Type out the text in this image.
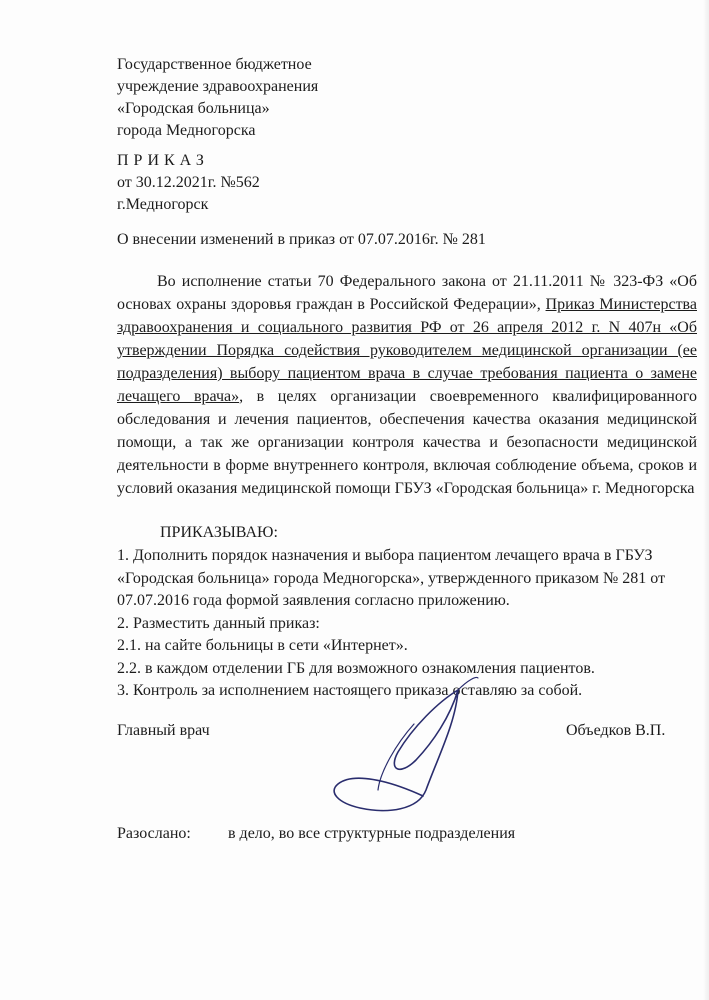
Государственное бюджетное
учреждение здравоохранения
«Городская больница»
города Медногорска
ПРИКАЗ
от 30.12.2021г. №562
г.Медногорск
О внесении изменений в приказ от 07.07.2016г. № 281
Во исполнение статьи 70 Федерального закона от 21.11.2011 № 323-ФЗ «Об основах охраны здоровья граждан в Российской Федерации», Приказ Министерства здравоохранения и социального развития РФ от 26 апреля 2012 г. N 407н «Об утверждении Порядка содействия руководителем медицинской организации (ее подразделения) выбору пациентом врача в случае требования пациента о замене лечащего врача», в целях организации своевременного квалифицированного обследования и лечения пациентов, обеспечения качества оказания медицинской помощи, а так же организации контроля качества и безопасности медицинской деятельности в форме внутреннего контроля, включая соблюдение объема, сроков и условий оказания медицинской помощи ГБУЗ «Городская больница» г. Медногорска
ПРИКАЗЫВАЮ:
1. Дополнить порядок назначения и выбора пациентом лечащего врача в ГБУЗ «Городская больница» города Медногорска», утвержденного приказом № 281 от 07.07.2016 года формой заявления согласно приложению.
2. Разместить данный приказ:
2.1. на сайте больницы в сети «Интернет».
2.2. в каждом отделении ГБ для возможного ознакомления пациентов.
3. Контроль за исполнением настоящего приказа оставляю за собой.
Главный врач	Объедков В.П.
Разослано: в дело, во все структурные подразделения
